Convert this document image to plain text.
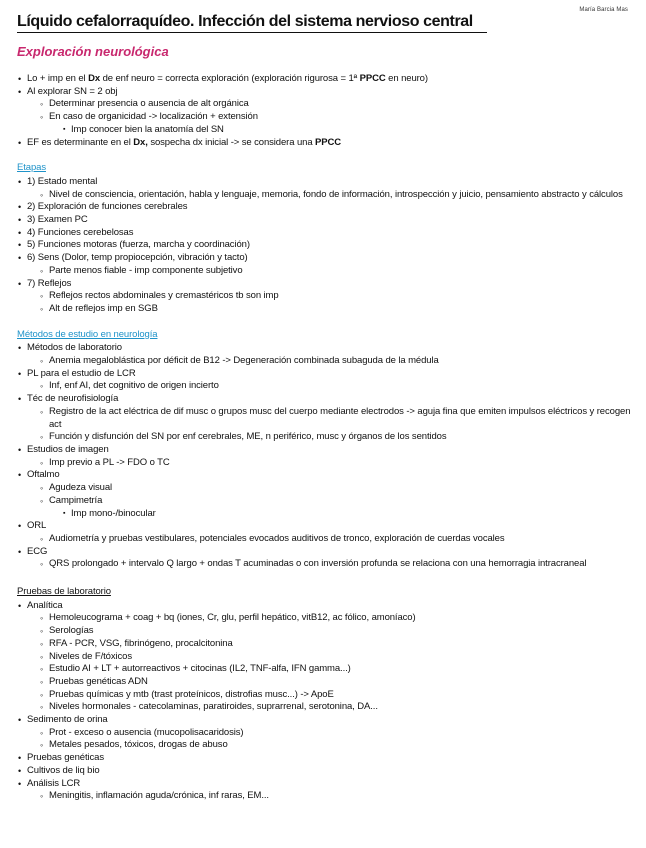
María Barcia Mas
Líquido cefalorraquídeo. Infección del sistema nervioso central
Exploración neurológica
• Lo + imp en el Dx de enf neuro = correcta exploración (exploración rigurosa = 1ª PPCC en neuro)
• Al explorar SN = 2 obj
◦ Determinar presencia o ausencia de alt orgánica
◦ En caso de organicidad -> localización + extensión
▪ Imp conocer bien la anatomía del SN
• EF es determinante en el Dx, sospecha dx inicial -> se considera una PPCC
Etapas
• 1) Estado mental
◦ Nivel de consciencia, orientación, habla y lenguaje, memoria, fondo de información, introspección y juicio, pensamiento abstracto y cálculos
• 2) Exploración de funciones cerebrales
• 3) Examen PC
• 4) Funciones cerebelosas
• 5) Funciones motoras (fuerza, marcha y coordinación)
• 6) Sens (Dolor, temp propiocepción, vibración y tacto)
◦ Parte menos fiable - imp componente subjetivo
• 7) Reflejos
◦ Reflejos rectos abdominales y cremastéricos tb son imp
◦ Alt de reflejos imp en SGB
Métodos de estudio en neurología
• Métodos de laboratorio
◦ Anemia megaloblástica por déficit de B12 -> Degeneración combinada subaguda de la médula
• PL para el estudio de LCR
◦ Inf, enf AI, det cognitivo de origen incierto
• Téc de neurofisiología
◦ Registro de la act eléctrica de dif musc o grupos musc del cuerpo mediante electrodos -> aguja fina que emiten impulsos eléctricos y recogen act
◦ Función y disfunción del SN por enf cerebrales, ME, n periférico, musc y órganos de los sentidos
• Estudios de imagen
◦ Imp previo a PL -> FDO o TC
• Oftalmo
◦ Agudeza visual
◦ Campimetría
▪ Imp mono-/binocular
• ORL
◦ Audiometría y pruebas vestibulares, potenciales evocados auditivos de tronco, exploración de cuerdas vocales
• ECG
◦ QRS prolongado + intervalo Q largo + ondas T acuminadas o con inversión profunda se relaciona con una hemorragia intracraneal
Pruebas de laboratorio
• Analítica
◦ Hemoleucograma + coag + bq (iones, Cr, glu, perfil hepático, vitB12, ac fólico, amoníaco)
◦ Serologías
◦ RFA - PCR, VSG, fibrinógeno, procalcitonina
◦ Niveles de F/tóxicos
◦ Estudio AI + LT + autorreactivos + citocinas (IL2, TNF-alfa, IFN gamma...)
◦ Pruebas genéticas ADN
◦ Pruebas químicas y mtb (trast proteínicos, distrofias musc...) -> ApoE
◦ Niveles hormonales - catecolaminas, paratiroides, suprarrenal, serotonina, DA...
• Sedimento de orina
◦ Prot - exceso o ausencia (mucopolisacaridosis)
◦ Metales pesados, tóxicos, drogas de abuso
• Pruebas genéticas
• Cultivos de liq bio
• Análisis LCR
◦ Meningitis, inflamación aguda/crónica, inf raras, EM...
